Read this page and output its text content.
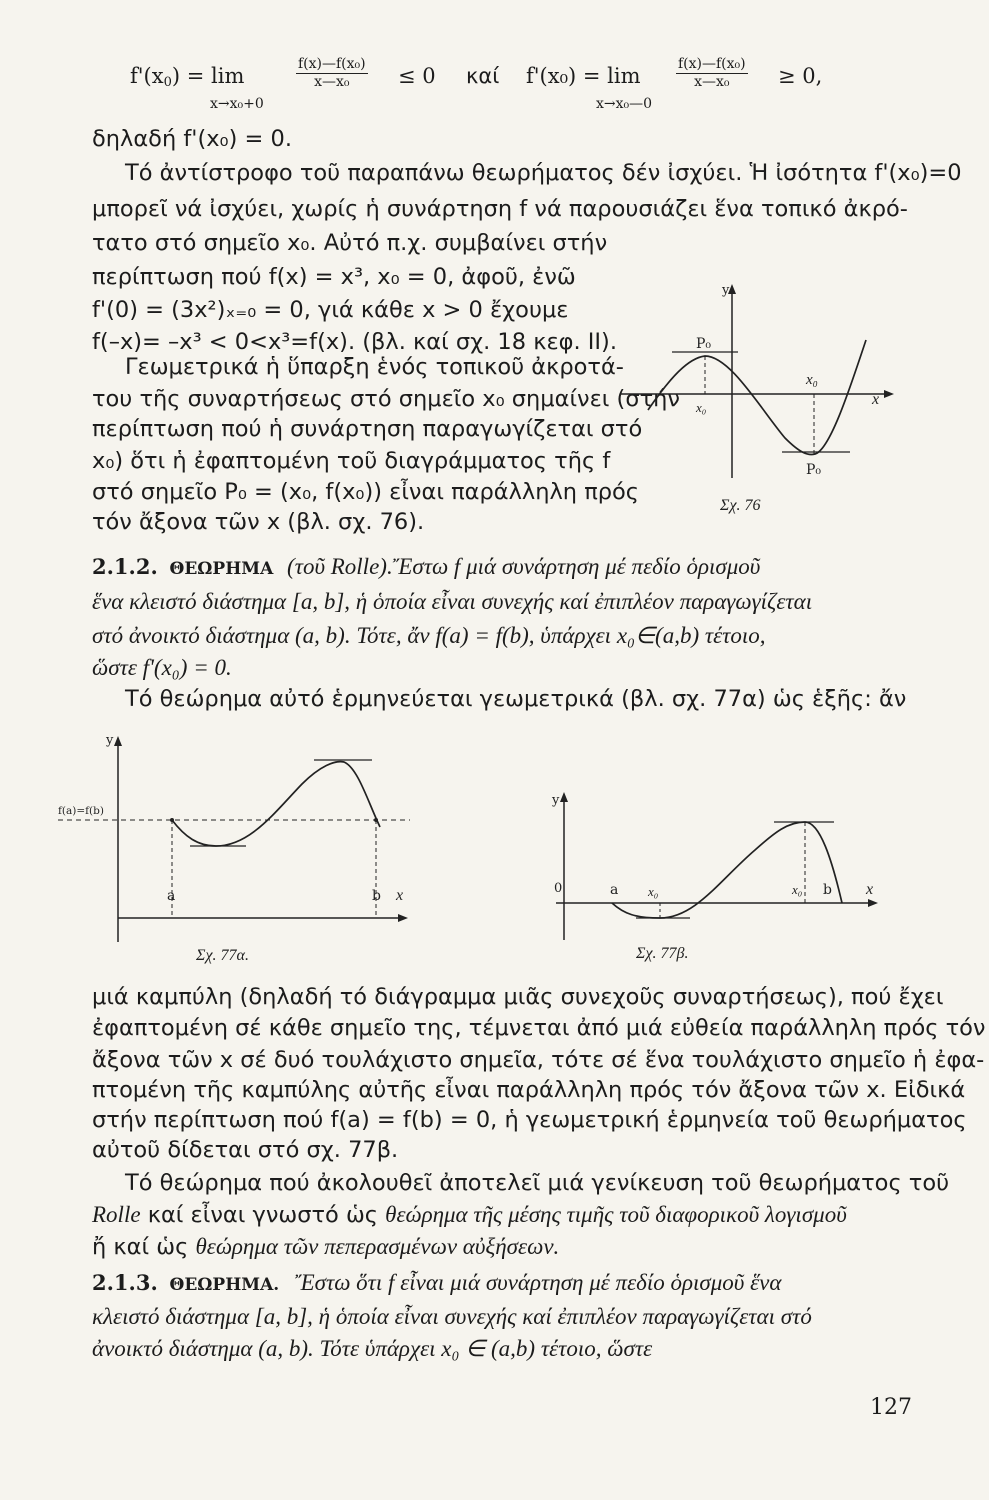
$f'(x_0) = \lim$	$\frac{\text{f(x)—f(x₀)}}{\text{x—x₀}}$
x→x₀+0
≤ 0 καί f'(x₀) = lim	$\frac{\text{f(x)—f(x₀)}}{\text{x—x₀}}$
x→x₀—0
≥ 0,
δηλαδή f'(x₀) = 0.
Τό ἀντίστροφο τοῦ παραπάνω θεωρήματος δέν ἰσχύει. Ἡ ἰσότητα f'(x₀)=0
μπορεῖ νά ἰσχύει, χωρίς ἡ συνάρτηση f νά παρουσιάζει ἕνα τοπικό ἀκρό-
τατο στό σημεῖο x₀. Αὐτό π.χ. συμβαίνει στήν
περίπτωση πού f(x) = x³, x₀ = 0, ἀφοῦ, ἐνῶ
f'(0) = (3x²)ₓ₌₀ = 0, γιά κάθε x > 0 ἔχουμε
f(–x)= –x³ < 0<x³=f(x). (βλ. καί σχ. 18 κεφ. II).
Γεωμετρικά ἡ ὕπαρξη ἑνός τοπικοῦ ἀκροτά-
του τῆς συναρτήσεως στό σημεῖο x₀ σημαίνει (στήν
περίπτωση πού ἡ συνάρτηση παραγωγίζεται στό
x₀) ὅτι ἡ ἐφαπτομένη τοῦ διαγράμματος τῆς f
στό σημεῖο P₀ = (x₀, f(x₀)) εἶναι παράλληλη πρός
τόν ἄξονα τῶν x (βλ. σχ. 76).
P₀
P₀
x₀
x₀
x
y
Σχ. 76
2.1.2. ΘΕΩΡΗΜΑ (τοῦ Rolle).Ἔστω f μιά συνάρτηση μέ πεδίο ὁρισμοῦ
ἕνα κλειστό διάστημα [a, b], ἡ ὁποία εἶναι συνεχής καί ἐπιπλέον παραγωγίζεται
στό ἀνοικτό διάστημα (a, b). Τότε, ἄν f(a) = f(b), ὑπάρχει x₀∈(a,b) τέτοιο,
ὥστε f'(x₀) = 0.
Τό θεώρημα αὐτό ἑρμηνεύεται γεωμετρικά (βλ. σχ. 77α) ὡς ἑξῆς: ἄν
a	b x
y
f(a)=f(b)
Σχ. 77α.
0	a	b x
y
x₀	x₀
Σχ. 77β.
μιά καμπύλη (δηλαδή τό διάγραμμα μιᾶς συνεχοῦς συναρτήσεως), πού ἔχει
ἐφαπτομένη σέ κάθε σημεῖο της, τέμνεται ἀπό μιά εὐθεία παράλληλη πρός τόν
ἄξονα τῶν x σέ δυό τουλάχιστο σημεῖα, τότε σέ ἕνα τουλάχιστο σημεῖο ἡ ἐφα-
πτομένη τῆς καμπύλης αὐτῆς εἶναι παράλληλη πρός τόν ἄξονα τῶν x. Εἰδικά
στήν περίπτωση πού f(a) = f(b) = 0, ἡ γεωμετρική ἑρμηνεία τοῦ θεωρήματος
αὐτοῦ δίδεται στό σχ. 77β.
Τό θεώρημα πού ἀκολουθεῖ ἀποτελεῖ μιά γενίκευση τοῦ θεωρήματος τοῦ
Rolle καί εἶναι γνωστό ὡς θεώρημα τῆς μέσης τιμῆς τοῦ διαφορικοῦ λογισμοῦ
ἤ καί ὡς θεώρημα τῶν πεπερασμένων αὐξήσεων.
2.1.3. ΘΕΩΡΗΜΑ. Ἔστω ὅτι f εἶναι μιά συνάρτηση μέ πεδίο ὁρισμοῦ ἕνα
κλειστό διάστημα [a, b], ἡ ὁποία εἶναι συνεχής καί ἐπιπλέον παραγωγίζεται στό
ἀνοικτό διάστημα (a, b). Τότε ὑπάρχει x₀ ∈ (a,b) τέτοιο, ὥστε
127
